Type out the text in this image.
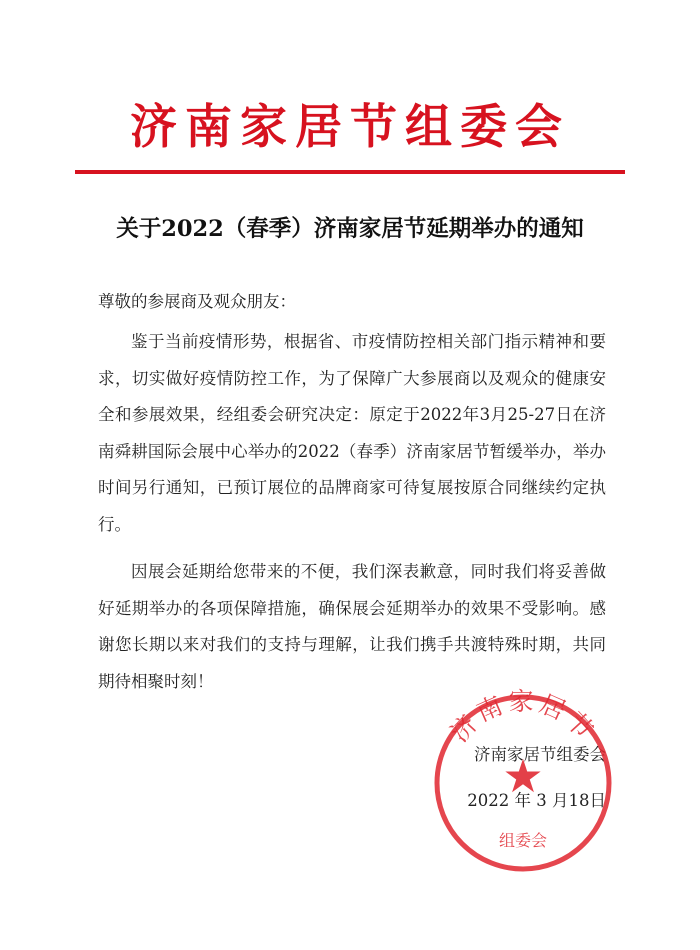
济南家居节组委会
关于2022（春季）济南家居节延期举办的通知
尊敬的参展商及观众朋友：

鉴于当前疫情形势，根据省、市疫情防控相关部门指示精神和要求，切实做好疫情防控工作，为了保障广大参展商以及观众的健康安全和参展效果，经组委会研究决定：原定于2022年3月25-27日在济南舜耕国际会展中心举办的2022（春季）济南家居节暂缓举办，举办时间另行通知，已预订展位的品牌商家可待复展按原合同继续约定执行。

因展会延期给您带来的不便，我们深表歉意，同时我们将妥善做好延期举办的各项保障措施，确保展会延期举办的效果不受影响。感谢您长期以来对我们的支持与理解，让我们携手共渡特殊时期，共同期待相聚时刻！

济南家居节组委会
2022 年 3 月18日
济南家居节
★
组委会
